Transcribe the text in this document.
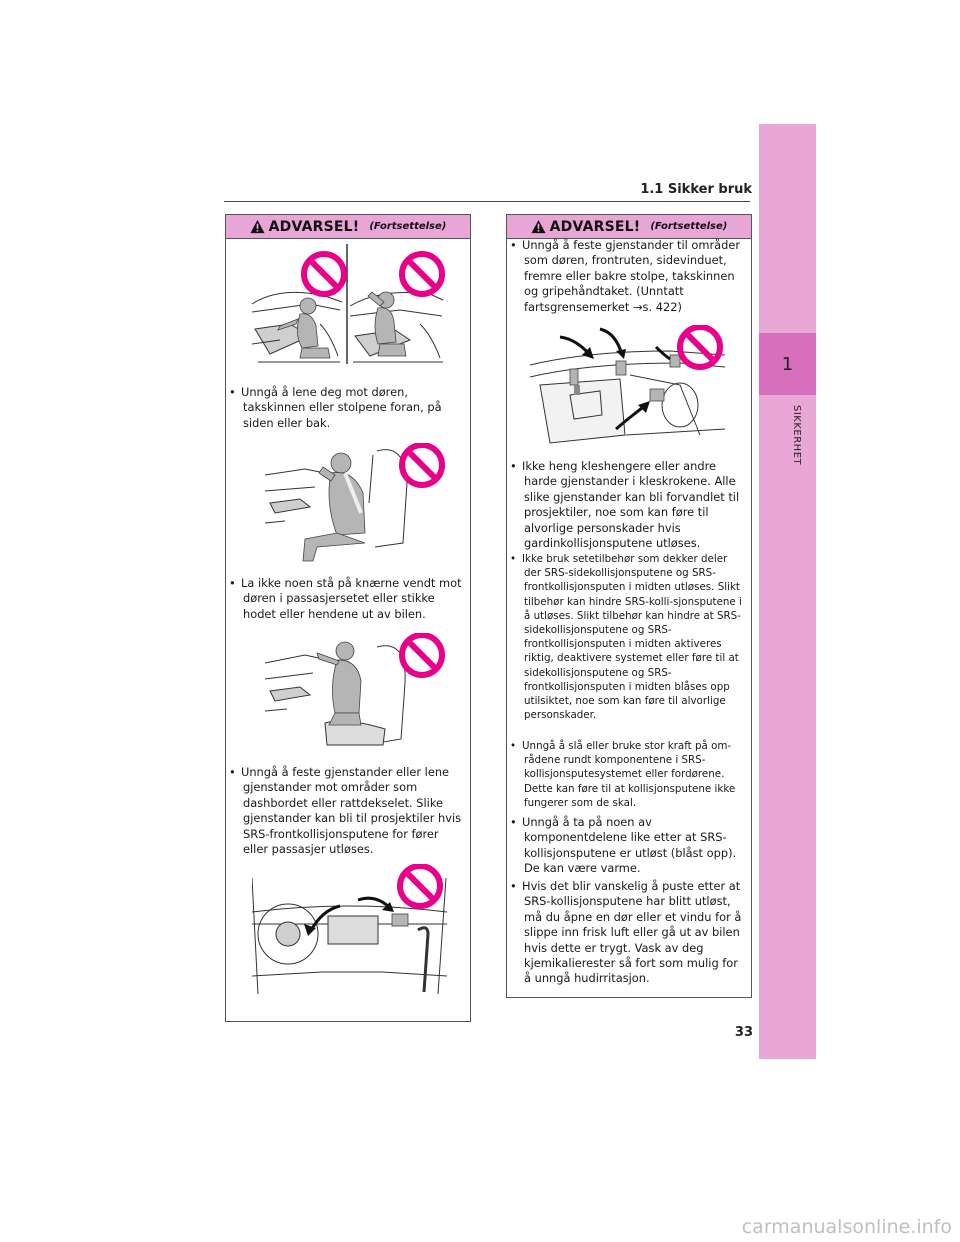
1
SIKKERHET
1.1 Sikker bruk
ADVARSEL! (Fortsettelse)
• Unngå å lene deg mot døren, takskinnen eller stolpene foran, på siden eller bak.
• La ikke noen stå på knærne vendt mot døren i passasjersetet eller stikke hodet eller hendene ut av bilen.
• Unngå å feste gjenstander eller lene gjenstander mot områder som dashbordet eller rattdekselet. Slike gjenstander kan bli til prosjektiler hvis SRS-frontkollisjonsputene for fører eller passasjer utløses.
ADVARSEL! (Fortsettelse)
• Unngå å feste gjenstander til områder som døren, frontruten, sidevinduet, fremre eller bakre stolpe, takskinnen og gripehåndtaket. (Unntatt fartsgrensemerket →s. 422)
• Ikke heng kleshengere eller andre harde gjenstander i kleskrokene. Alle slike gjenstander kan bli forvandlet til prosjektiler, noe som kan føre til alvorlige personskader hvis gardinkollisjonsputene utløses.
• Ikke bruk setetilbehør som dekker deler der SRS-sidekollisjonsputene og SRS-frontkollisjonsputen i midten utløses. Slikt tilbehør kan hindre SRS-kolli-sjonsputene i å utløses. Slikt tilbehør kan hindre at SRS-sidekollisjonsputene og SRS-frontkollisjonsputen i midten aktiveres riktig, deaktivere systemet eller føre til at sidekollisjonsputene og SRS-frontkollisjonsputen i midten blåses opp utilsiktet, noe som kan føre til alvorlige personskader.
• Unngå å slå eller bruke stor kraft på om-rådene rundt komponentene i SRS-kollisjonsputesystemet eller fordørene. Dette kan føre til at kollisjonsputene ikke fungerer som de skal.
• Unngå å ta på noen av komponentdelene like etter at SRS-kollisjonsputene er utløst (blåst opp). De kan være varme.
• Hvis det blir vanskelig å puste etter at SRS-kollisjonsputene har blitt utløst, må du åpne en dør eller et vindu for å slippe inn frisk luft eller gå ut av bilen hvis dette er trygt. Vask av deg kjemikalierester så fort som mulig for å unngå hudirritasjon.
33
carmanualsonline.info
